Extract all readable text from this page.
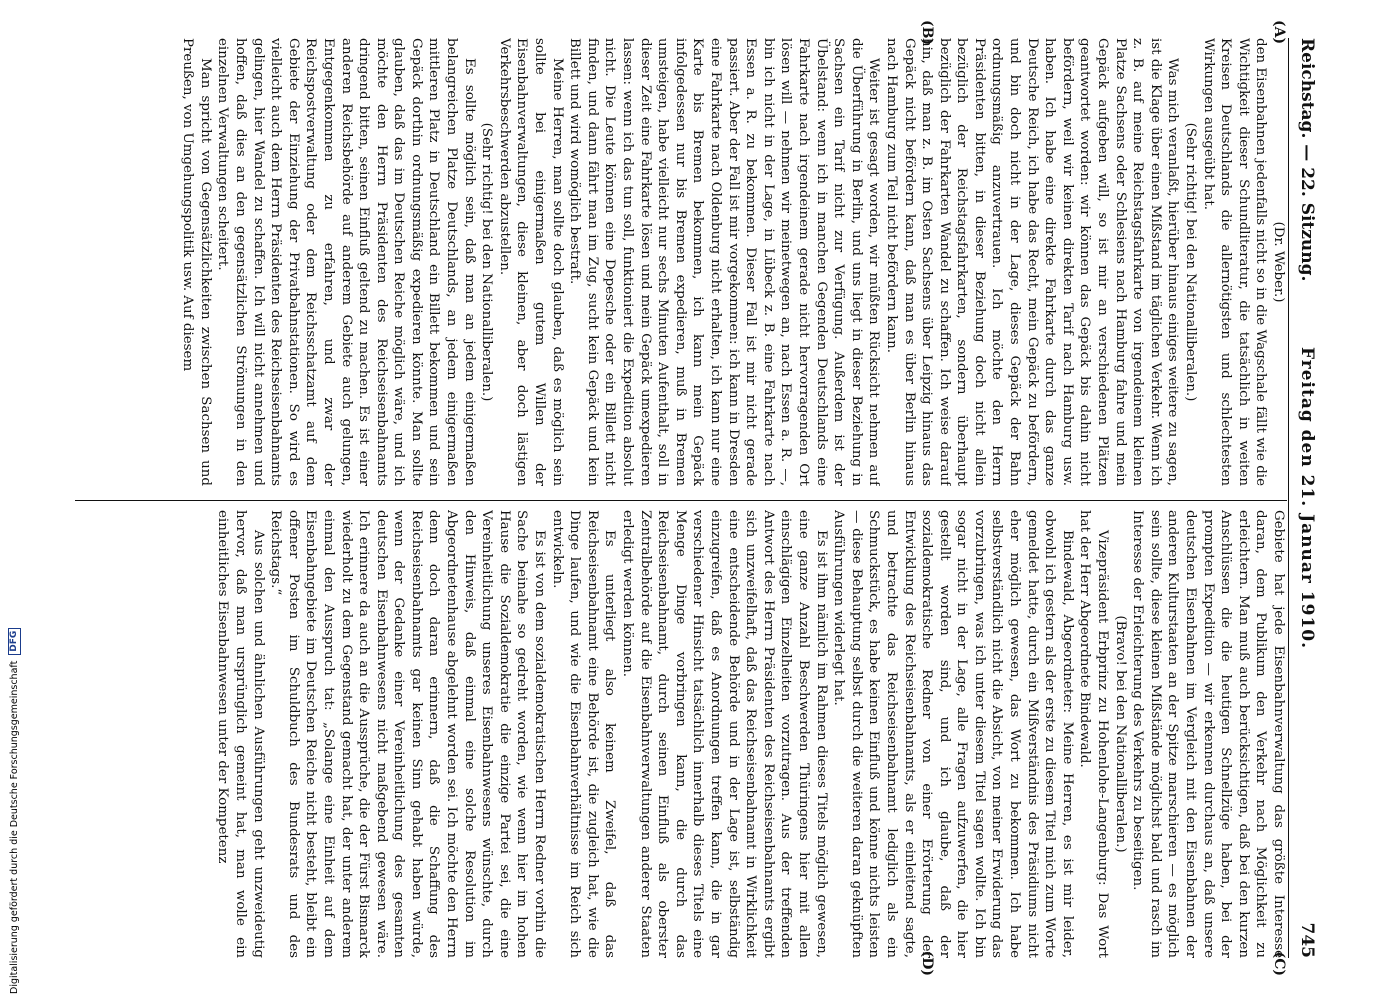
Reichstag. — 22. Sitzung.
Freitag den 21. Januar 1910.
745
(A)
(B)
(C)
(D)

(Dr. Weber.)

den Eisenbahnen jedenfalls nicht so in die Wagschale fällt wie die Wichtigkeit dieser Schundliteratur, die tatsächlich in weiten Kreisen Deutschlands die allernötigsten und schlechtesten Wirkungen ausgeübt hat.

(Sehr richtig! bei den Nationalliberalen.)

Was mich veranlaßt, hierüber hinaus einiges weitere zu sagen, ist die Klage über einen Mißstand im täglichen Verkehr. Wenn ich z. B. auf meine Reichstagsfahrkarte von irgendeinem kleinen Platze Sachsens oder Schlesiens nach Hamburg fahre und mein Gepäck aufgeben will, so ist mir an verschiedenen Plätzen geantwortet worden: wir können das Gepäck bis dahin nicht befördern, weil wir keinen direkten Tarif nach Hamburg usw. haben. Ich habe eine direkte Fahrkarte durch das ganze Deutsche Reich, ich habe das Recht, mein Gepäck zu befördern, und bin doch nicht in der Lage, dieses Gepäck der Bahn ordnungsmäßig anzuvertrauen. Ich möchte den Herrn Präsidenten bitten, in dieser Beziehung doch nicht allein bezüglich der Reichstagsfahrkarten, sondern überhaupt bezüglich der Fahrkarten Wandel zu schaffen. Ich weise darauf hin, daß man z. B. im Osten Sachsens über Leipzig hinaus das Gepäck nicht befördern kann, daß man es über Berlin hinaus nach Hamburg zum Teil nicht befördern kann.

Weiter ist gesagt worden, wir müßten Rücksicht nehmen auf die Überführung in Berlin, und uns liegt in dieser Beziehung in Sachsen ein Tarif nicht zur Verfügung. Außerdem ist der Übelstand: wenn ich in manchen Gegenden Deutschlands eine Fahrkarte nach irgendeinem gerade nicht hervorragenden Ort lösen will — nehmen wir meinetwegen an, nach Essen a. R. —, bin ich nicht in der Lage, in Lübeck z. B. eine Fahrkarte nach Essen a. R. zu bekommen. Dieser Fall ist mir nicht gerade passiert. Aber der Fall ist mir vorgekommen: ich kann in Dresden eine Fahrkarte nach Oldenburg nicht erhalten, ich kann nur eine Karte bis Bremen bekommen, ich kann mein Gepäck infolgedessen nur bis Bremen expedieren, muß in Bremen umsteigen, habe vielleicht nur sechs Minuten Aufenthalt, soll in dieser Zeit eine Fahrkarte lösen und mein Gepäck umexpedieren lassen: wenn ich das tun soll, funktioniert die Expedition absolut nicht. Die Leute können eine Depesche oder ein Billett nicht finden, und dann fährt man im Zug, sucht kein Gepäck und kein Billett und wird womöglich bestraft.

Meine Herren, man sollte doch glauben, daß es möglich sein sollte bei einigermaßen gutem Willen der Eisenbahnverwaltungen, diese kleinen, aber doch lästigen Verkehrsbeschwerden abzustellen.

(Sehr richtig! bei den Nationalliberalen.)

Es sollte möglich sein, daß man an jedem einigermaßen belangreichen Platze Deutschlands, an jedem einigermaßen mittleren Platz in Deutschland ein Billett bekommen und sein Gepäck dorthin ordnungsmäßig expedieren könnte. Man sollte glauben, daß das im Deutschen Reiche möglich wäre, und ich möchte den Herrn Präsidenten des Reichseisenbahnamts dringend bitten, seinen Einfluß geltend zu machen. Es ist einer anderen Reichsbehörde auf anderem Gebiete auch gelungen, Entgegenkommen zu erfahren, und zwar der Reichspostverwaltung oder dem Reichsschatzamt auf dem Gebiete der Einziehung der Privatbahnstationen. So wird es vielleicht auch dem Herrn Präsidenten des Reichseisenbahnamts gelingen, hier Wandel zu schaffen. Ich will nicht annehmen und hoffen, daß dies an den gegensätzlichen Strömungen in den einzelnen Verwaltungen scheitert.

Man spricht von Gegensätzlichkeiten zwischen Sachsen und Preußen, von Umgehungspolitik usw. Auf diesem

Gebiete hat jede Eisenbahnverwaltung das größte Interesse daran, dem Publikum den Verkehr nach Möglichkeit zu erleichtern. Man muß auch berücksichtigen, daß bei den kurzen Anschlüssen die die heutigen Schnellzüge haben, bei der prompten Expedition — wir erkennen durchaus an, daß unsere deutschen Eisenbahnen im Vergleich mit den Eisenbahnen der anderen Kulturstaaten an der Spitze marschieren — es möglich sein sollte, diese kleinen Mißstände möglichst bald und rasch im Interesse der Erleichterung des Verkehrs zu beseitigen.

(Bravo! bei den Nationalliberalen.)

Vizepräsident Erbprinz zu Hohenlohe-Langenburg: Das Wort hat der Herr Abgeordnete Bindewald.

Bindewald, Abgeordneter: Meine Herren, es ist mir leider, obwohl ich gestern als der erste zu diesem Titel mich zum Worte gemeldet hatte, durch ein Mißverständnis des Präsidiums nicht eher möglich gewesen, das Wort zu bekommen. Ich habe selbstverständlich nicht die Absicht, von meiner Erwiderung das vorzubringen, was ich unter diesem Titel sagen wollte. Ich bin sogar nicht in der Lage, alle Fragen aufzuwerfen, die hier gestellt worden sind, und ich glaube, daß der sozialdemokratische Redner von einer Erörterung der Entwicklung des Reichseisenbahnamts, als er einleitend sagte, und betrachte das Reichseisenbahnamt lediglich als ein Schmuckstück, es habe keinen Einfluß und könne nichts leisten — diese Behauptung selbst durch die weiteren daran geknüpften Ausführungen widerlegt hat.

Es ist ihm nämlich im Rahmen dieses Titels möglich gewesen, eine ganze Anzahl Beschwerden Thüringens hier mit allen einschlägigen Einzelheiten vorzutragen. Aus der treffenden Antwort des Herrn Präsidenten des Reichseisenbahnamts ergibt sich unzweifelhaft, daß das Reichseisenbahnamt in Wirklichkeit eine entscheidende Behörde und in der Lage ist, selbständig einzugreifen, daß es Anordnungen treffen kann, die in gar verschiedener Hinsicht tatsächlich innerhalb dieses Titels eine Menge Dinge vorbringen kann, die durch das Reichseisenbahnamt, durch seinen Einfluß als oberster Zentralbehörde auf die Eisenbahnverwaltungen anderer Staaten erledigt werden können.

Es unterliegt also keinem Zweifel, daß das Reichseisenbahnamt eine Behörde ist, die zugleich hat, wie die Dinge laufen, und wie die Eisenbahnverhältnisse im Reich sich entwickeln.

Es ist von dem sozialdemokratischen Herrn Redner vorhin die Sache beinahe so gedreht worden, wie wenn hier im hohen Hause die Sozialdemokratie die einzige Partei sei, die eine Vereinheitlichung unseres Eisenbahnwesens wünschte, durch den Hinweis, daß einmal eine solche Resolution im Abgeordnetenhause abgelehnt worden sei. Ich möchte den Herrn denn doch daran erinnern, daß die Schaffung des Reichseisenbahnamts gar keinen Sinn gehabt haben würde, wenn der Gedanke einer Vereinheitlichung des gesamten deutschen Eisenbahnwesens nicht maßgebend gewesen wäre. Ich erinnere da auch an die Aussprüche, die der Fürst Bismarck wiederholt zu dem Gegenstand gemacht hat, der unter anderem einmal den Ausspruch tat: „Solange eine Einheit auf dem Eisenbahngebiete im Deutschen Reiche nicht besteht, bleibt ein offener Posten im Schuldbuch des Bundesrats und des Reichstags.“

Aus solchen und ähnlichen Ausführungen geht unzweideutig hervor, daß man ursprünglich gemeint hat, man wolle ein einheitliches Eisenbahnwesen unter der Kompetenz

Digitalisierung gefördert durch die Deutsche Forschungsgemeinschaft
DFG
